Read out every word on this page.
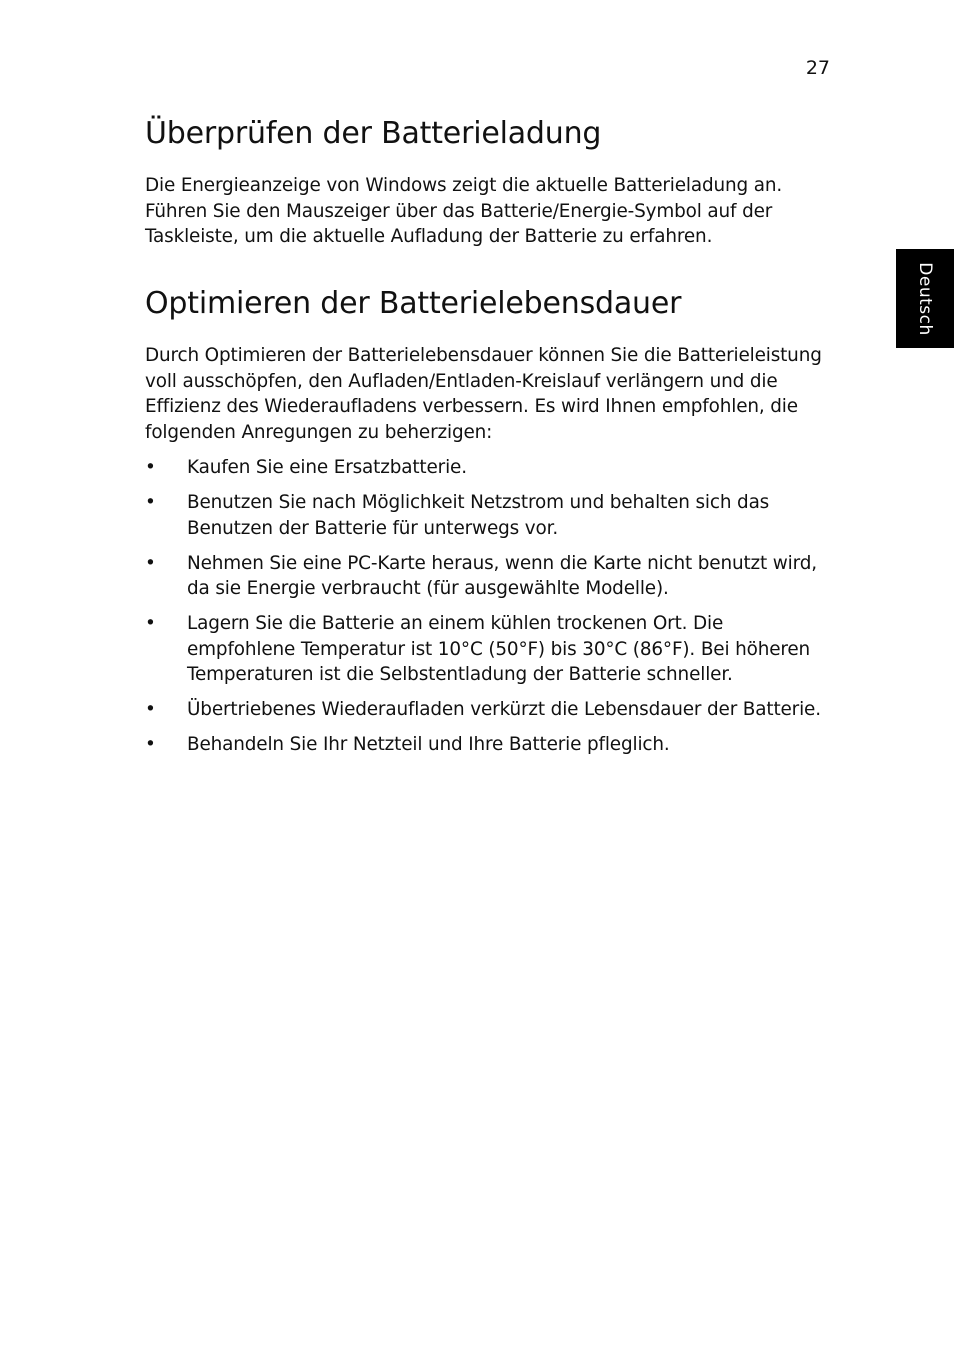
27
Deutsch
Überprüfen der Batterieladung

Die Energieanzeige von Windows zeigt die aktuelle Batterieladung an. Führen Sie den Mauszeiger über das Batterie/Energie-Symbol auf der Taskleiste, um die aktuelle Aufladung der Batterie zu erfahren.

Optimieren der Batterielebensdauer

Durch Optimieren der Batterielebensdauer können Sie die Batterieleistung voll ausschöpfen, den Aufladen/Entladen-Kreislauf verlängern und die Effizienz des Wiederaufladens verbessern. Es wird Ihnen empfohlen, die folgenden Anregungen zu beherzigen:

• Kaufen Sie eine Ersatzbatterie.
• Benutzen Sie nach Möglichkeit Netzstrom und behalten sich das Benutzen der Batterie für unterwegs vor.
• Nehmen Sie eine PC-Karte heraus, wenn die Karte nicht benutzt wird, da sie Energie verbraucht (für ausgewählte Modelle).
• Lagern Sie die Batterie an einem kühlen trockenen Ort. Die empfohlene Temperatur ist 10°C (50°F) bis 30°C (86°F). Bei höheren Temperaturen ist die Selbstentladung der Batterie schneller.
• Übertriebenes Wiederaufladen verkürzt die Lebensdauer der Batterie.
• Behandeln Sie Ihr Netzteil und Ihre Batterie pfleglich.
